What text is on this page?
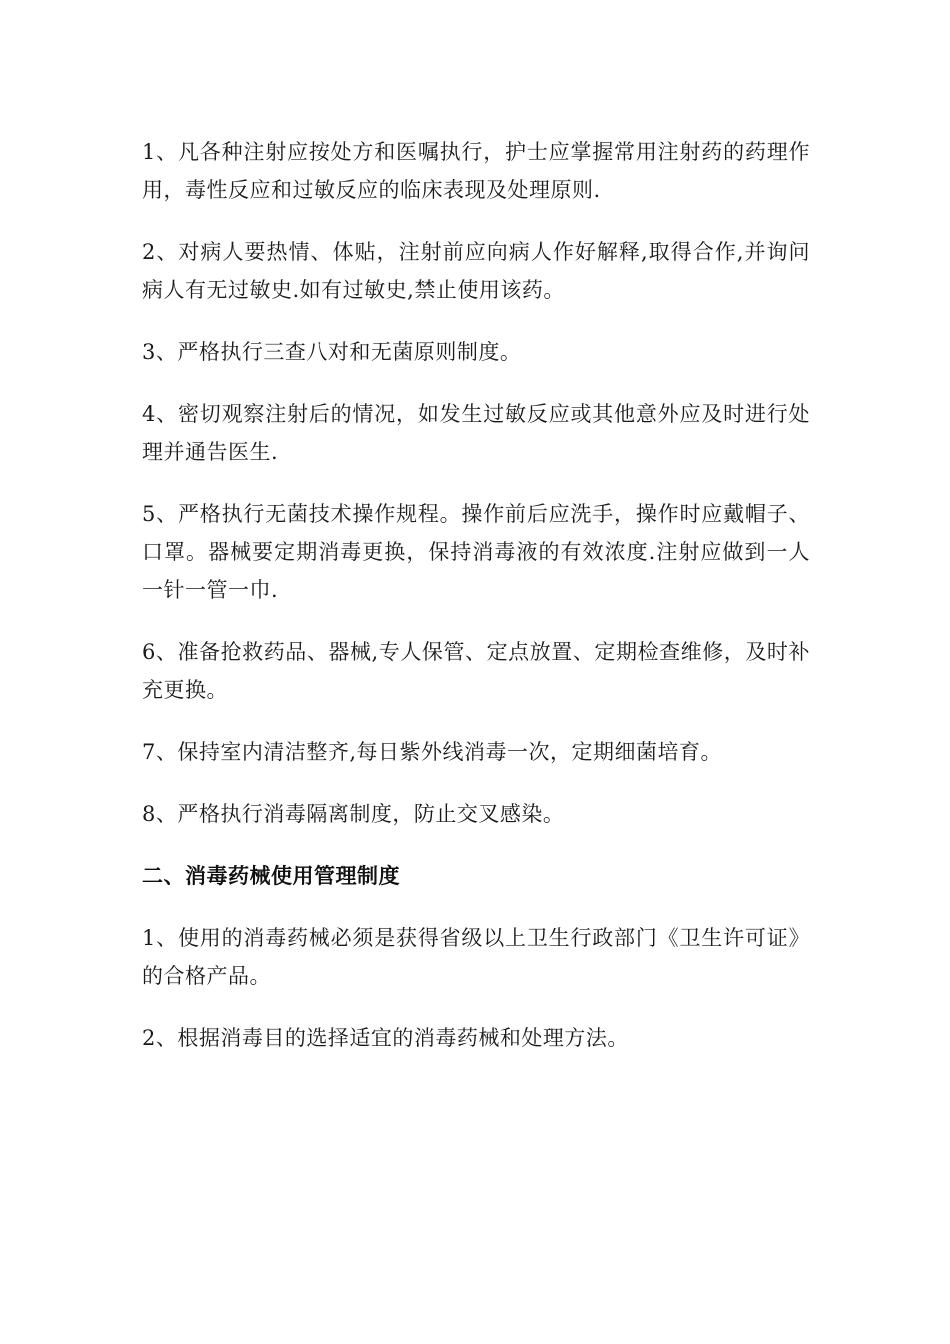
1、凡各种注射应按处方和医嘱执行，护士应掌握常用注射药的药理作用，毒性反应和过敏反应的临床表现及处理原则.

2、对病人要热情、体贴，注射前应向病人作好解释,取得合作,并询问病人有无过敏史.如有过敏史,禁止使用该药。

3、严格执行三查八对和无菌原则制度。

4、密切观察注射后的情况，如发生过敏反应或其他意外应及时进行处理并通告医生.

5、严格执行无菌技术操作规程。操作前后应洗手，操作时应戴帽子、口罩。器械要定期消毒更换，保持消毒液的有效浓度.注射应做到一人一针一管一巾.

6、准备抢救药品、器械,专人保管、定点放置、定期检查维修，及时补充更换。

7、保持室内清洁整齐,每日紫外线消毒一次，定期细菌培育。

8、严格执行消毒隔离制度，防止交叉感染。

二、消毒药械使用管理制度

1、使用的消毒药械必须是获得省级以上卫生行政部门《卫生许可证》的合格产品。

2、根据消毒目的选择适宜的消毒药械和处理方法。
